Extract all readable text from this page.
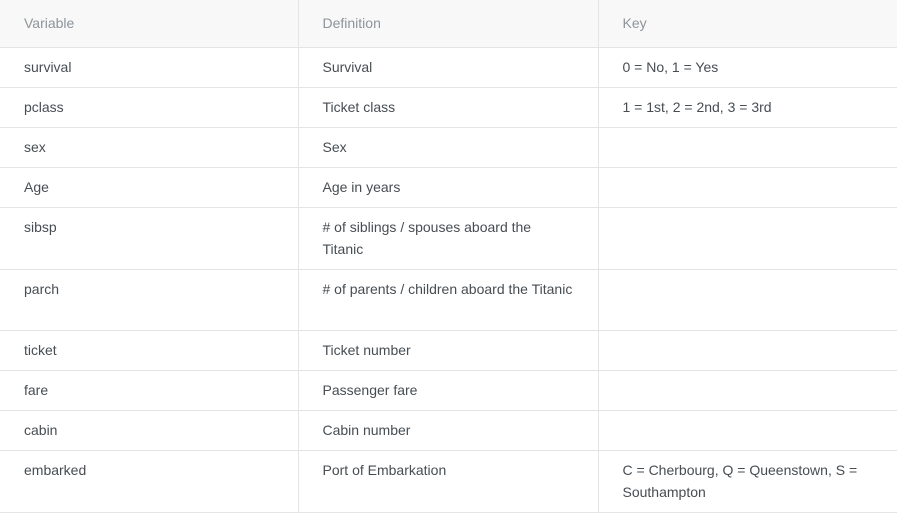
Variable	Definition	Key
survival	Survival	0 = No, 1 = Yes
pclass	Ticket class	1 = 1st, 2 = 2nd, 3 = 3rd
sex	Sex	
Age	Age in years	
sibsp	# of siblings / spouses aboard the Titanic	
parch	# of parents / children aboard the Titanic	
ticket	Ticket number	
fare	Passenger fare	
cabin	Cabin number	
embarked	Port of Embarkation	C = Cherbourg, Q = Queenstown, S = Southampton
